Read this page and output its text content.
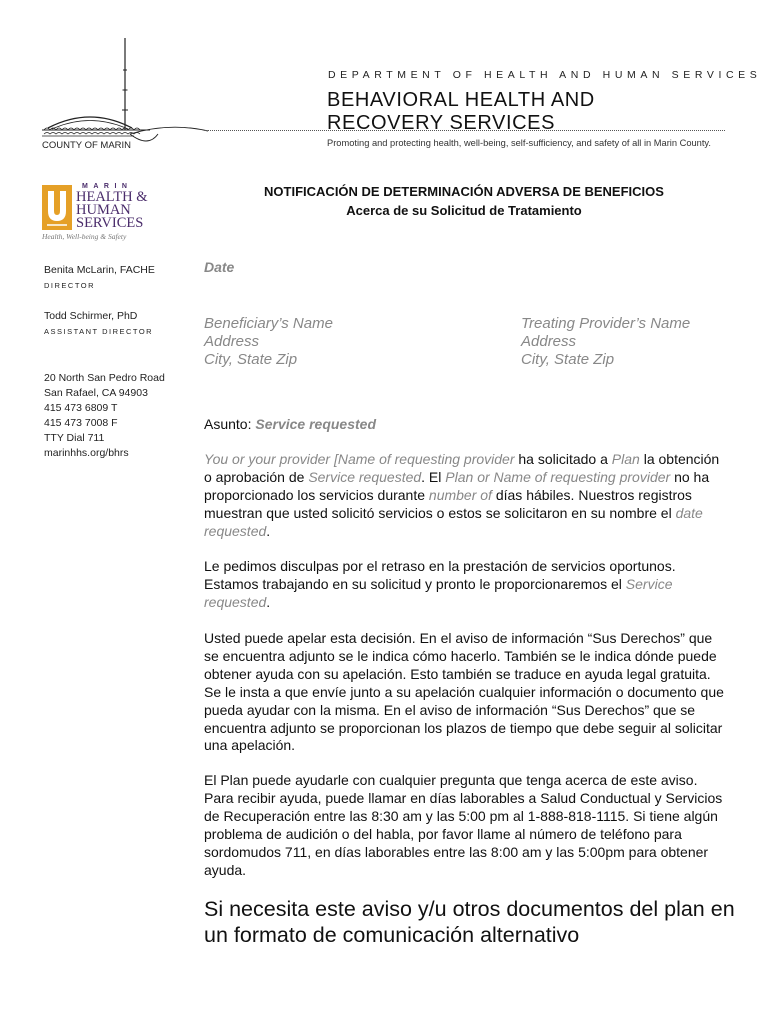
COUNTY OF MARIN
DEPARTMENT OF HEALTH AND HUMAN SERVICES
BEHAVIORAL HEALTH AND
RECOVERY SERVICES
Promoting and protecting health, well-being, self-sufficiency, and safety of all in Marin County.
MARIN
HEALTH &
HUMAN
SERVICES
Health, Well-being & Safety
Benita McLarin, FACHE
DIRECTOR
Todd Schirmer, PhD
ASSISTANT DIRECTOR
20 North San Pedro Road
San Rafael, CA 94903
415 473 6809 T
415 473 7008 F
TTY Dial 711
marinhhs.org/bhrs
NOTIFICACIÓN DE DETERMINACIÓN ADVERSA DE BENEFICIOS
Acerca de su Solicitud de Tratamiento
Date
Beneficiary’s Name
Address
City, State Zip
Treating Provider’s Name
Address
City, State Zip
Asunto: Service requested
You or your provider [Name of requesting provider ha solicitado a Plan la obtención o aprobación de Service requested. El Plan or Name of requesting provider no ha proporcionado los servicios durante number of días hábiles. Nuestros registros muestran que usted solicitó servicios o estos se solicitaron en su nombre el date requested.
Le pedimos disculpas por el retraso en la prestación de servicios oportunos. Estamos trabajando en su solicitud y pronto le proporcionaremos el Service requested.
Usted puede apelar esta decisión. En el aviso de información “Sus Derechos” que se encuentra adjunto se le indica cómo hacerlo. También se le indica dónde puede obtener ayuda con su apelación. Esto también se traduce en ayuda legal gratuita. Se le insta a que envíe junto a su apelación cualquier información o documento que pueda ayudar con la misma. En el aviso de información “Sus Derechos” que se encuentra adjunto se proporcionan los plazos de tiempo que debe seguir al solicitar una apelación.
El Plan puede ayudarle con cualquier pregunta que tenga acerca de este aviso. Para recibir ayuda, puede llamar en días laborables a Salud Conductual y Servicios de Recuperación entre las 8:30 am y las 5:00 pm al 1-888-818-1115. Si tiene algún problema de audición o del habla, por favor llame al número de teléfono para sordomudos 711, en días laborables entre las 8:00 am y las 5:00pm para obtener ayuda.
Si necesita este aviso y/u otros documentos del plan en un formato de comunicación alternativo
